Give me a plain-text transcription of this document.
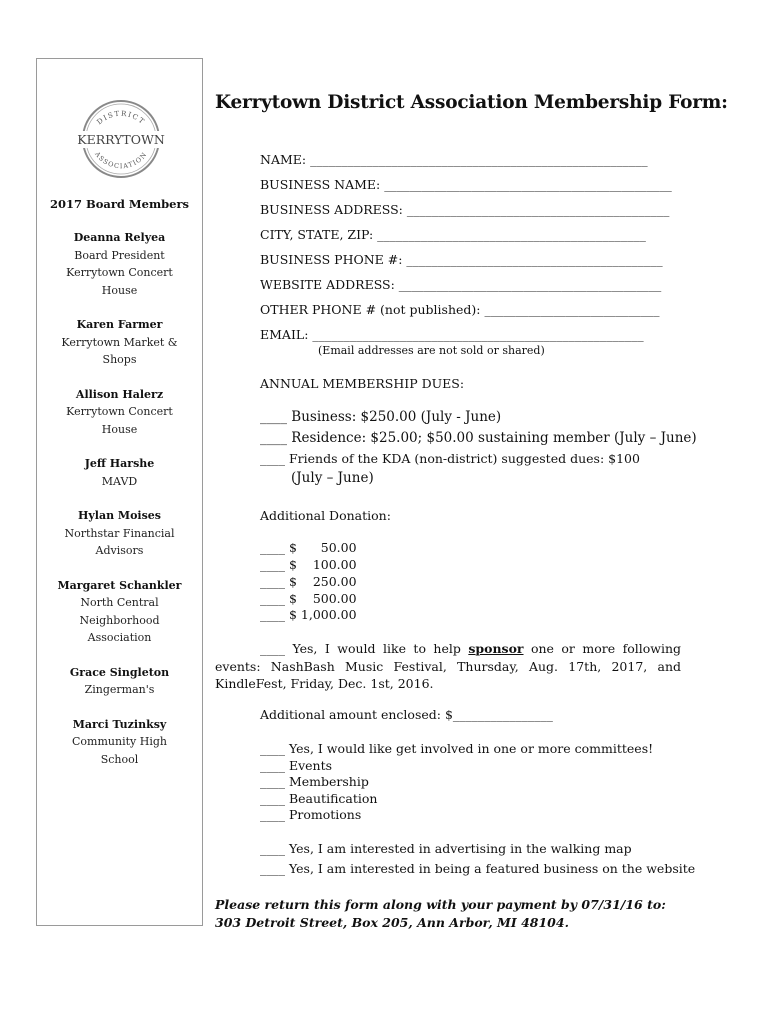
DISTRICT
KERRYTOWN
ASSOCIATION
2017 Board Members
Deanna Relyea
Board President Kerrytown Concert House
Karen Farmer
Kerrytown Market & Shops
Allison Halerz
Kerrytown Concert House
Jeff Harshe
MAVD
Hylan Moises
Northstar Financial Advisors
Margaret Schankler
North Central Neighborhood Association
Grace Singleton
Zingerman's
Marci Tuzinksy
Community High School
Kerrytown District Association Membership Form:
NAME: ______________________________________________________
BUSINESS NAME: ______________________________________________
BUSINESS ADDRESS: __________________________________________
CITY, STATE, ZIP: ___________________________________________
BUSINESS PHONE #: _________________________________________
WEBSITE ADDRESS: __________________________________________
OTHER PHONE # (not published): ____________________________
EMAIL: _____________________________________________________
(Email addresses are not sold or shared)
ANNUAL MEMBERSHIP DUES:
____ Business: $250.00 (July - June)
____ Residence: $25.00; $50.00 sustaining member (July – June)
____ Friends of the KDA (non-district) suggested dues: $100
(July – June)
Additional Donation:
____ $      50.00
____ $    100.00
____ $    250.00
____ $    500.00
____ $ 1,000.00
____ Yes, I would like to help sponsor one or more following events: NashBash Music Festival, Thursday, Aug. 17th, 2017, and KindleFest, Friday, Dec. 1st, 2016.
Additional amount enclosed: $________________
____ Yes, I would like get involved in one or more committees!
____ Events
____ Membership
____ Beautification
____ Promotions
____ Yes, I am interested in advertising in the walking map
____ Yes, I am interested in being a featured business on the website
Please return this form along with your payment by 07/31/16 to:
303 Detroit Street, Box 205, Ann Arbor, MI 48104.
